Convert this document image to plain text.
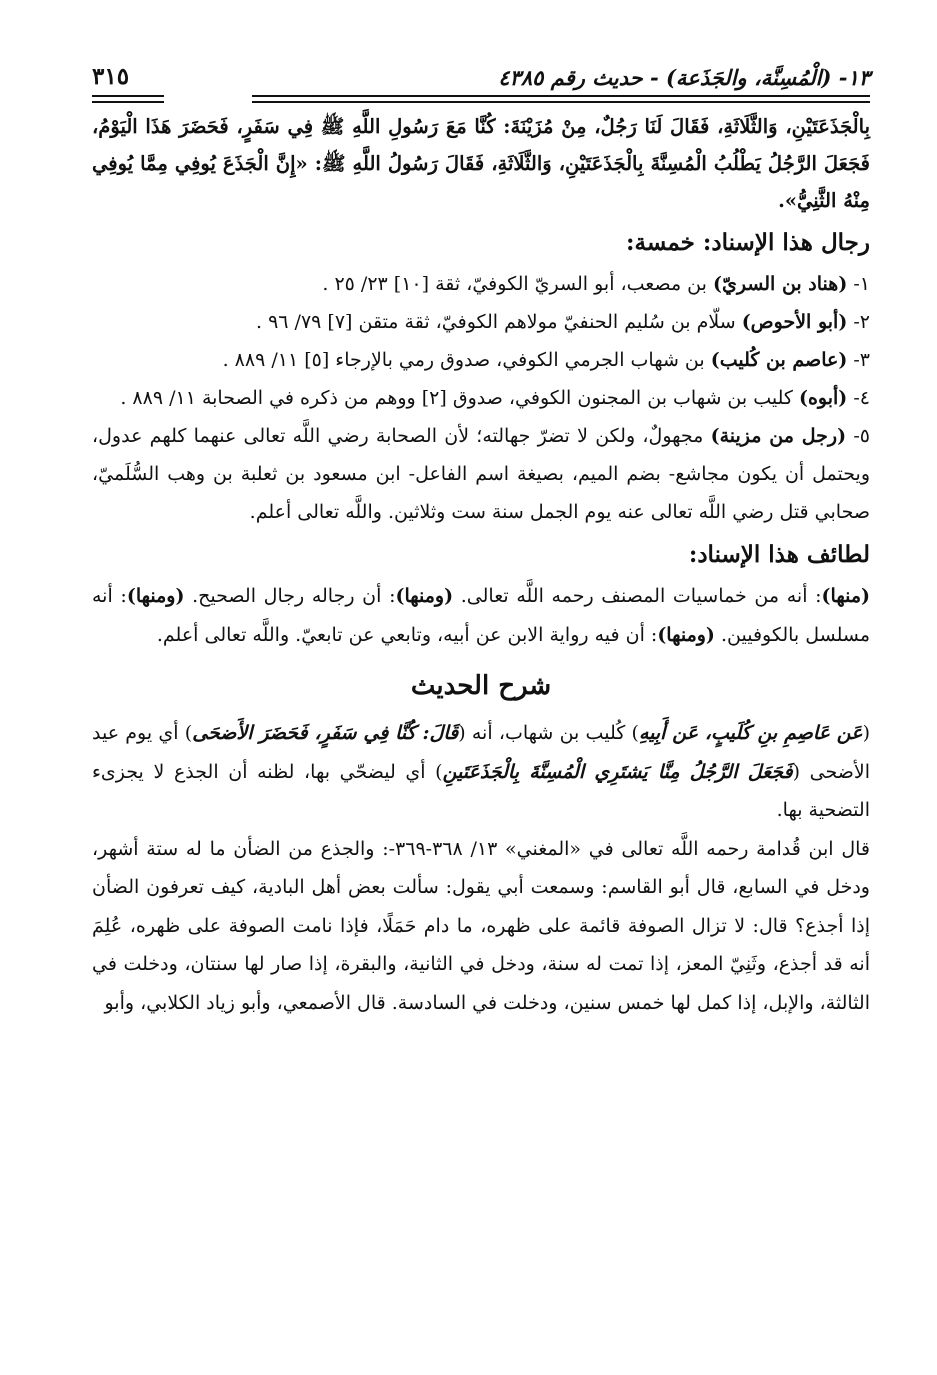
١٣- (الْمُسِنَّة، والجَذَعة) - حديث رقم ٤٣٨٥
٣١٥

بِالْجَذَعَتَيْنِ، وَالثَّلَاثَةِ، فَقَالَ لَنَا رَجُلٌ، مِنْ مُزَيْنَةَ: كُنَّا مَعَ رَسُولِ اللَّهِ ﷺ فِي سَفَرٍ، فَحَضَرَ هَذَا الْيَوْمُ، فَجَعَلَ الرَّجُلُ يَطْلُبُ الْمُسِنَّةَ بِالْجَذَعَتَيْنِ، وَالثَّلَاثَةِ، فَقَالَ رَسُولُ اللَّهِ ﷺ: «إِنَّ الْجَذَعَ يُوفِي مِمَّا يُوفِي مِنْهُ الثَّنِيُّ».

رجال هذا الإسناد: خمسة:

١- (هناد بن السريّ) بن مصعب، أبو السريّ الكوفيّ، ثقة [١٠] ٢٣/ ٢٥ .

٢- (أبو الأحوص) سلّام بن سُليم الحنفيّ مولاهم الكوفيّ، ثقة متقن [٧] ٧٩/ ٩٦ .

٣- (عاصم بن كُليب) بن شهاب الجرمي الكوفي، صدوق رمي بالإرجاء [٥] ١١/ ٨٨٩ .

٤- (أبوه) كليب بن شهاب بن المجنون الكوفي، صدوق [٢] ووهم من ذكره في الصحابة ١١/ ٨٨٩ .

٥- (رجل من مزينة) مجهولٌ، ولكن لا تضرّ جهالته؛ لأن الصحابة رضي اللَّه تعالى عنهما كلهم عدول، ويحتمل أن يكون مجاشع- بضم الميم، بصيغة اسم الفاعل- ابن مسعود بن ثعلبة بن وهب السُّلَميّ، صحابي قتل رضي اللَّه تعالى عنه يوم الجمل سنة ست وثلاثين. واللَّه تعالى أعلم.

لطائف هذا الإسناد:

(منها): أنه من خماسيات المصنف رحمه اللَّه تعالى. (ومنها): أن رجاله رجال الصحيح. (ومنها): أنه مسلسل بالكوفيين. (ومنها): أن فيه رواية الابن عن أبيه، وتابعي عن تابعيّ. واللَّه تعالى أعلم.

شرح الحديث

(عَن عَاصِمِ بنِ كُلَيبٍ، عَن أَبِيهِ) كُليب بن شهاب، أنه (قَالَ: كُنَّا فِي سَفَرٍ، فَحَضَرَ الأَضحَى) أي يوم عيد الأضحى (فَجَعَلَ الرَّجُلُ مِنَّا يَشتَرِي الْمُسِنَّةَ بِالْجَذَعَتَينِ) أي ليضحّي بها، لظنه أن الجذع لا يجزىء التضحية بها.

قال ابن قُدامة رحمه اللَّه تعالى في «المغني» ١٣/ ٣٦٨-٣٦٩-: والجذع من الضأن ما له ستة أشهر، ودخل في السابع، قال أبو القاسم: وسمعت أبي يقول: سألت بعض أهل البادية، كيف تعرفون الضأن إذا أجذع؟ قال: لا تزال الصوفة قائمة على ظهره، ما دام حَمَلًا، فإذا نامت الصوفة على ظهره، عُلِمَ أنه قد أجذع، وثَنِيّ المعز، إذا تمت له سنة، ودخل في الثانية، والبقرة، إذا صار لها سنتان، ودخلت في الثالثة، والإبل، إذا كمل لها خمس سنين، ودخلت في السادسة. قال الأصمعي، وأبو زياد الكلابي، وأبو
